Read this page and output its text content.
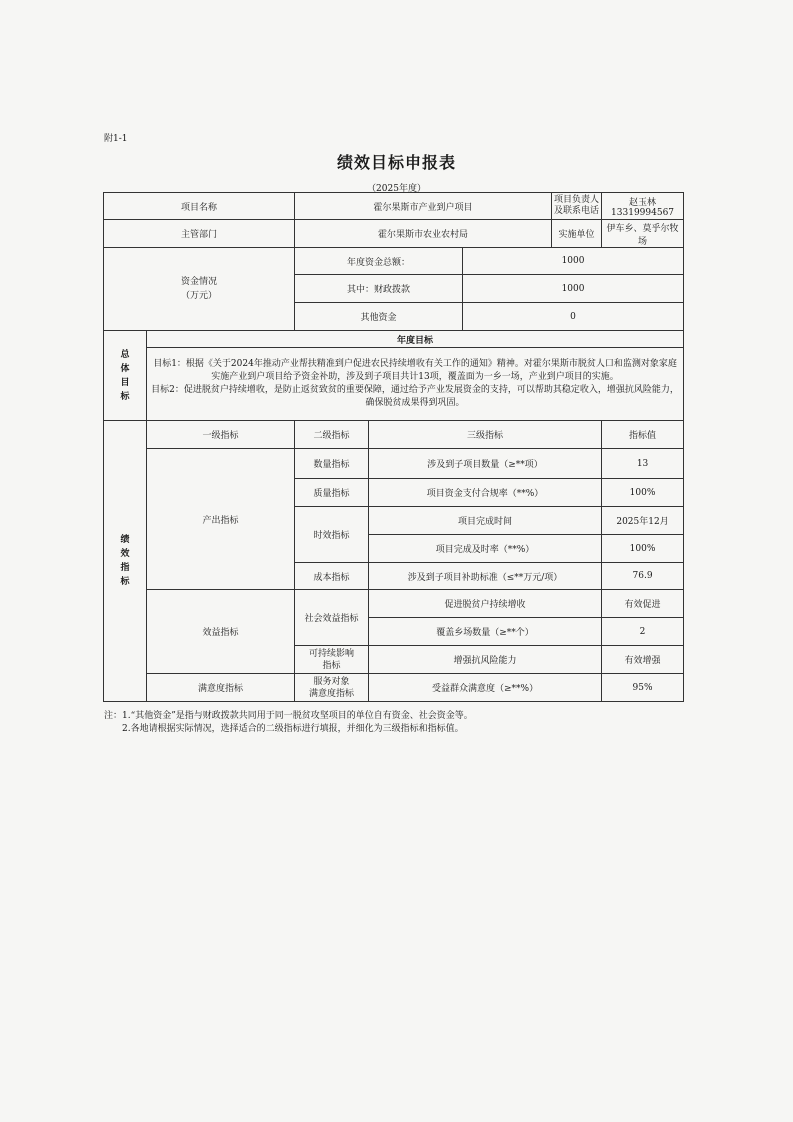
附1-1
绩效目标申报表
（2025年度）
项目名称		霍尔果斯市产业到户项目			项目负责人及联系电话	赵玉林13319994567
主管部门		霍尔果斯市农业农村局			实施单位	伊车乡、莫乎尔牧场

资金情况
（万元）		年度资金总额：		1000		
		其中：财政拨款		1000		
		其他资金		0		

总
体
目
标	年度目标					

	目标1：根据《关于2024年推动产业帮扶精准到户促进农民持续增收有关工作的通知》精神。对霍尔果斯市脱贫人口和监测对象家庭实施产业到户项目给予资金补助，涉及到子项目共计13项，覆盖面为一乡一场，产业到户项目的实施。
目标2：促进脱贫户持续增收，是防止返贫致贫的重要保障，通过给予产业发展资金的支持，可以帮助其稳定收入，增强抗风险能力，确保脱贫成果得到巩固。					

绩
效
指
标	一级指标	二级指标	三级指标			指标值
	产出指标	数量指标	涉及到子项目数量（≥**项）			13
		质量指标	项目资金支付合规率（**%）			100%
		时效指标	项目完成时间			2025年12月
			项目完成及时率（**%）			100%
		成本指标	涉及到子项目补助标准（≤**万元/项）			76.9
	效益指标	社会效益指标	促进脱贫户持续增收			有效促进
			覆盖乡场数量（≥**个）			2

		可持续影响
指标	增强抗风险能力			有效增强
	满意度指标	服务对象
满意度指标	受益群众满意度（≥**%）			95%
注：1.“其他资金”是指与财政拨款共同用于同一脱贫攻坚项目的单位自有资金、社会资金等。
2.各地请根据实际情况，选择适合的二级指标进行填报，并细化为三级指标和指标值。
